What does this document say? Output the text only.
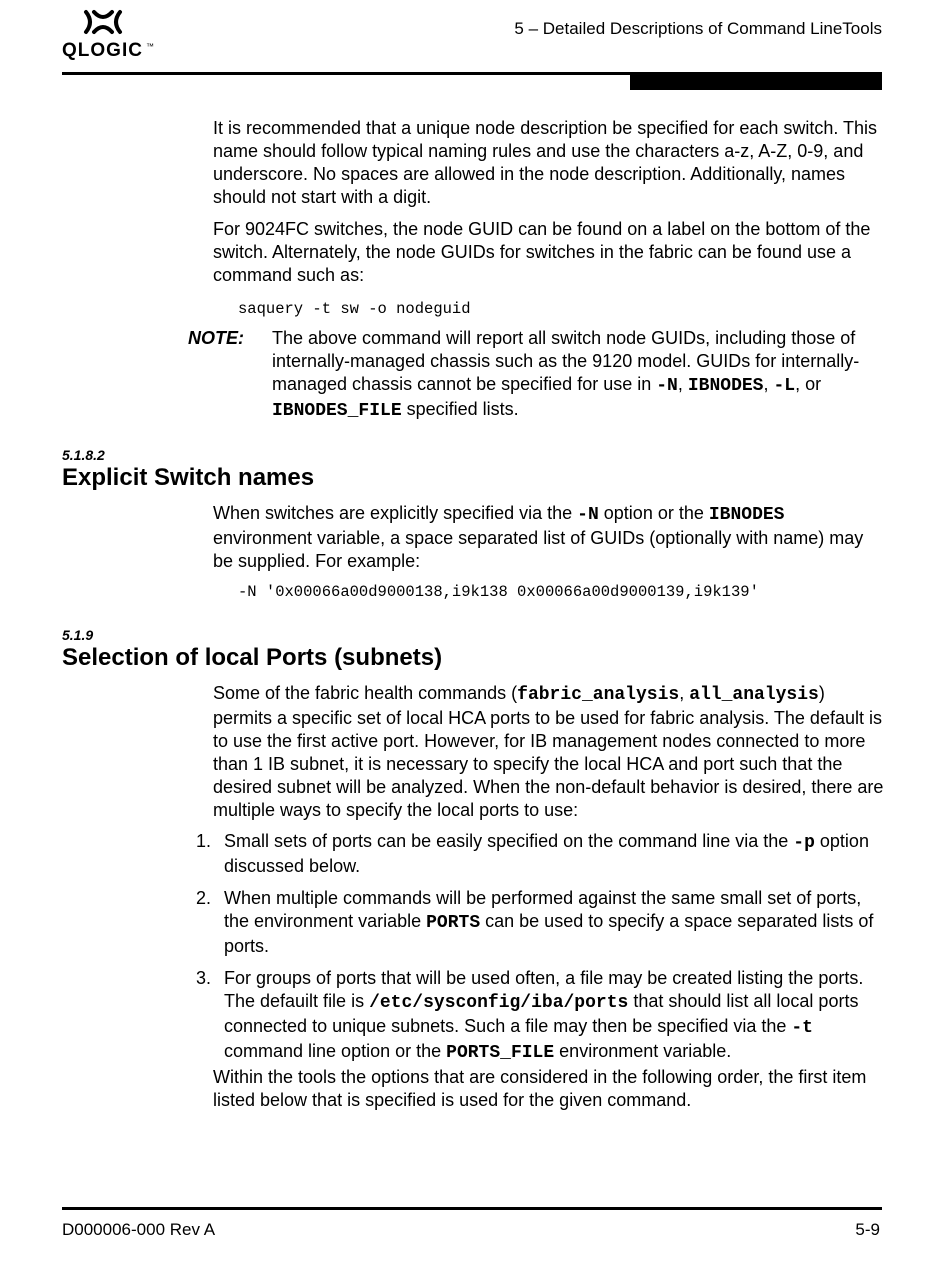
QLOGIC ™
5 – Detailed Descriptions of Command LineTools

It is recommended that a unique node description be specified for each switch. This name should follow typical naming rules and use the characters a-z, A-Z, 0-9, and underscore. No spaces are allowed in the node description. Additionally, names should not start with a digit.

For 9024FC switches, the node GUID can be found on a label on the bottom of the switch. Alternately, the node GUIDs for switches in the fabric can be found use a command such as:

saquery -t sw -o nodeguid
NOTE: The above command will report all switch node GUIDs, including those of internally-managed chassis such as the 9120 model. GUIDs for internally-managed chassis cannot be specified for use in -N, IBNODES, -L, or IBNODES_FILE specified lists.

5.1.8.2
Explicit Switch names

When switches are explicitly specified via the -N option or the IBNODES environment variable, a space separated list of GUIDs (optionally with name) may be supplied. For example:

-N '0x00066a00d9000138,i9k138 0x00066a00d9000139,i9k139'
5.1.9
Selection of local Ports (subnets)

Some of the fabric health commands (fabric_analysis, all_analysis) permits a specific set of local HCA ports to be used for fabric analysis. The default is to use the first active port. However, for IB management nodes connected to more than 1 IB subnet, it is necessary to specify the local HCA and port such that the desired subnet will be analyzed. When the non-default behavior is desired, there are multiple ways to specify the local ports to use:

1. Small sets of ports can be easily specified on the command line via the -p option discussed below.
2. When multiple commands will be performed against the same small set of ports, the environment variable PORTS can be used to specify a space separated lists of ports.
3. For groups of ports that will be used often, a file may be created listing the ports. The defauilt file is /etc/sysconfig/iba/ports that should list all local ports connected to unique subnets. Such a file may then be specified via the -t command line option or the PORTS_FILE environment variable.

Within the tools the options that are considered in the following order, the first item listed below that is specified is used for the given command.

D000006-000 Rev A	5-9
